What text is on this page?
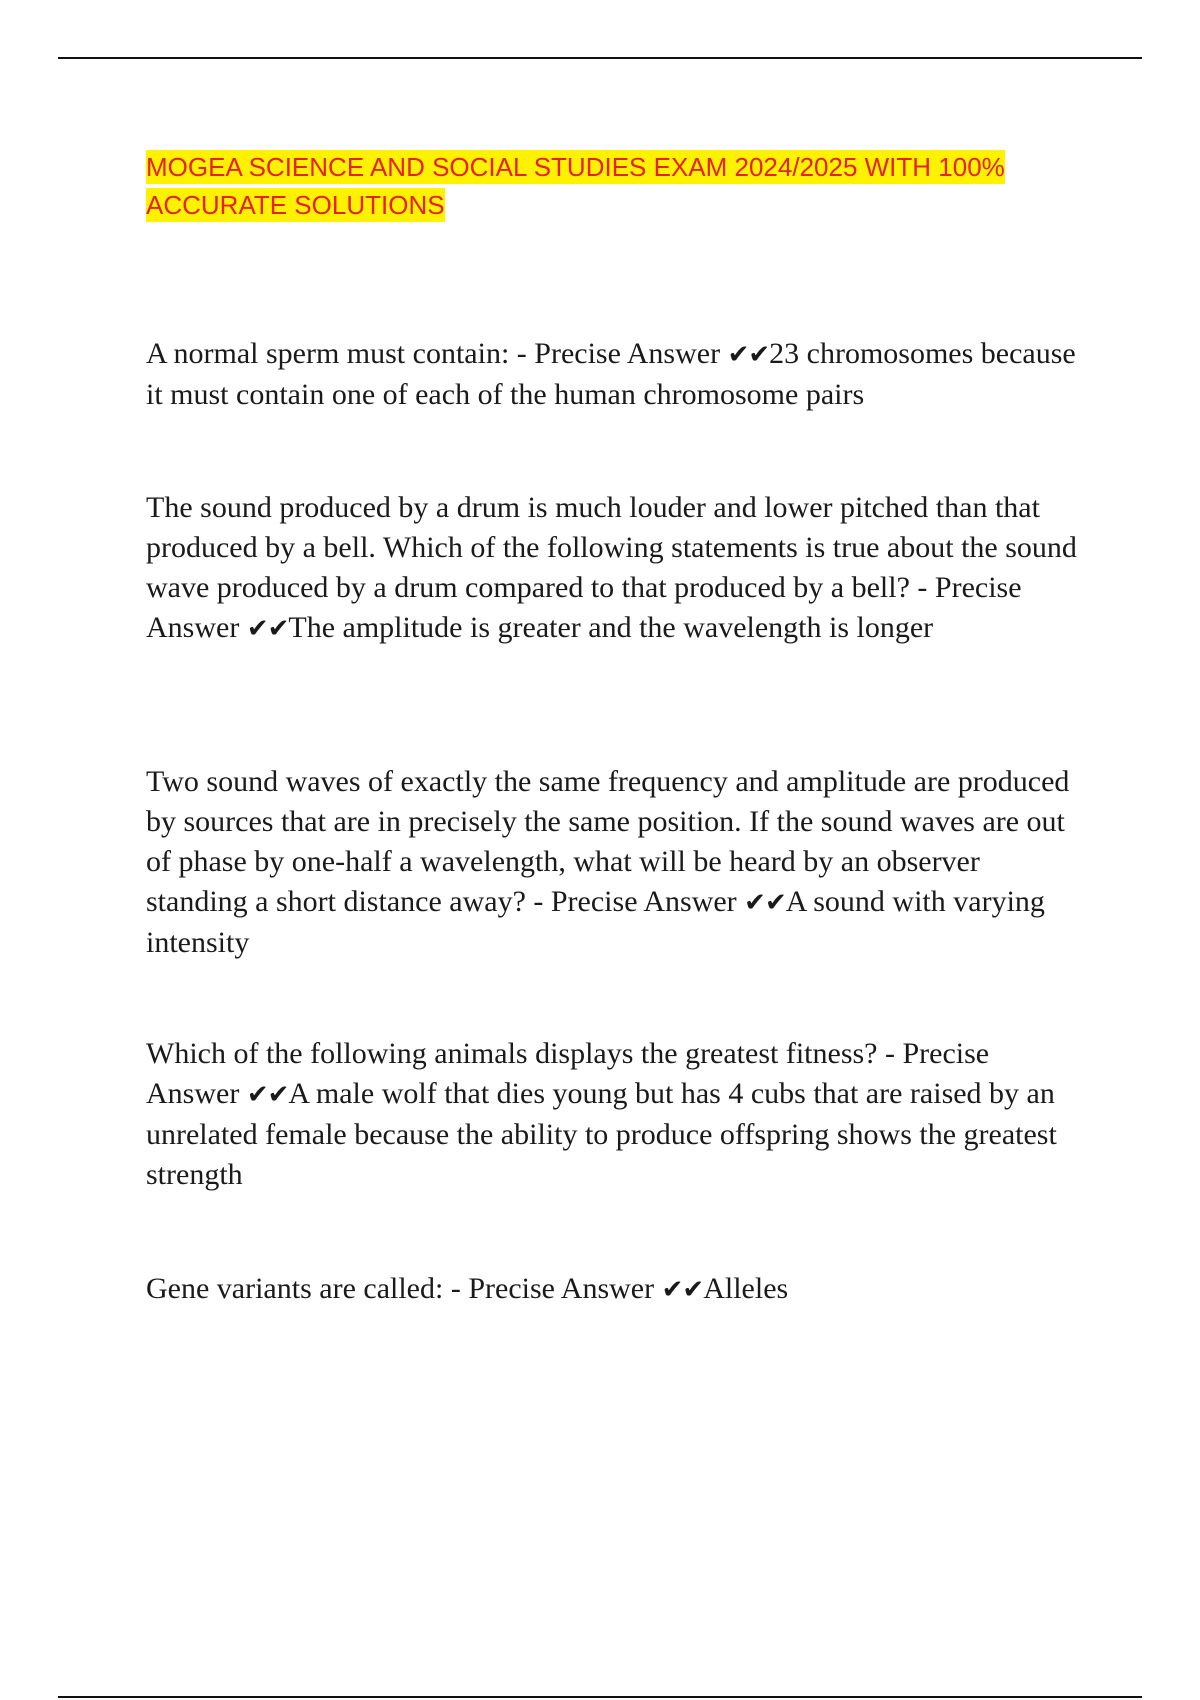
MOGEA SCIENCE AND SOCIAL STUDIES EXAM 2024/2025 WITH 100% ACCURATE SOLUTIONS

A normal sperm must contain: - Precise Answer ✔✔23 chromosomes because it must contain one of each of the human chromosome pairs

The sound produced by a drum is much louder and lower pitched than that produced by a bell. Which of the following statements is true about the sound wave produced by a drum compared to that produced by a bell? - Precise Answer ✔✔The amplitude is greater and the wavelength is longer

Two sound waves of exactly the same frequency and amplitude are produced by sources that are in precisely the same position. If the sound waves are out of phase by one-half a wavelength, what will be heard by an observer standing a short distance away? - Precise Answer ✔✔A sound with varying intensity

Which of the following animals displays the greatest fitness? - Precise Answer ✔✔A male wolf that dies young but has 4 cubs that are raised by an unrelated female because the ability to produce offspring shows the greatest strength

Gene variants are called: - Precise Answer ✔✔Alleles
